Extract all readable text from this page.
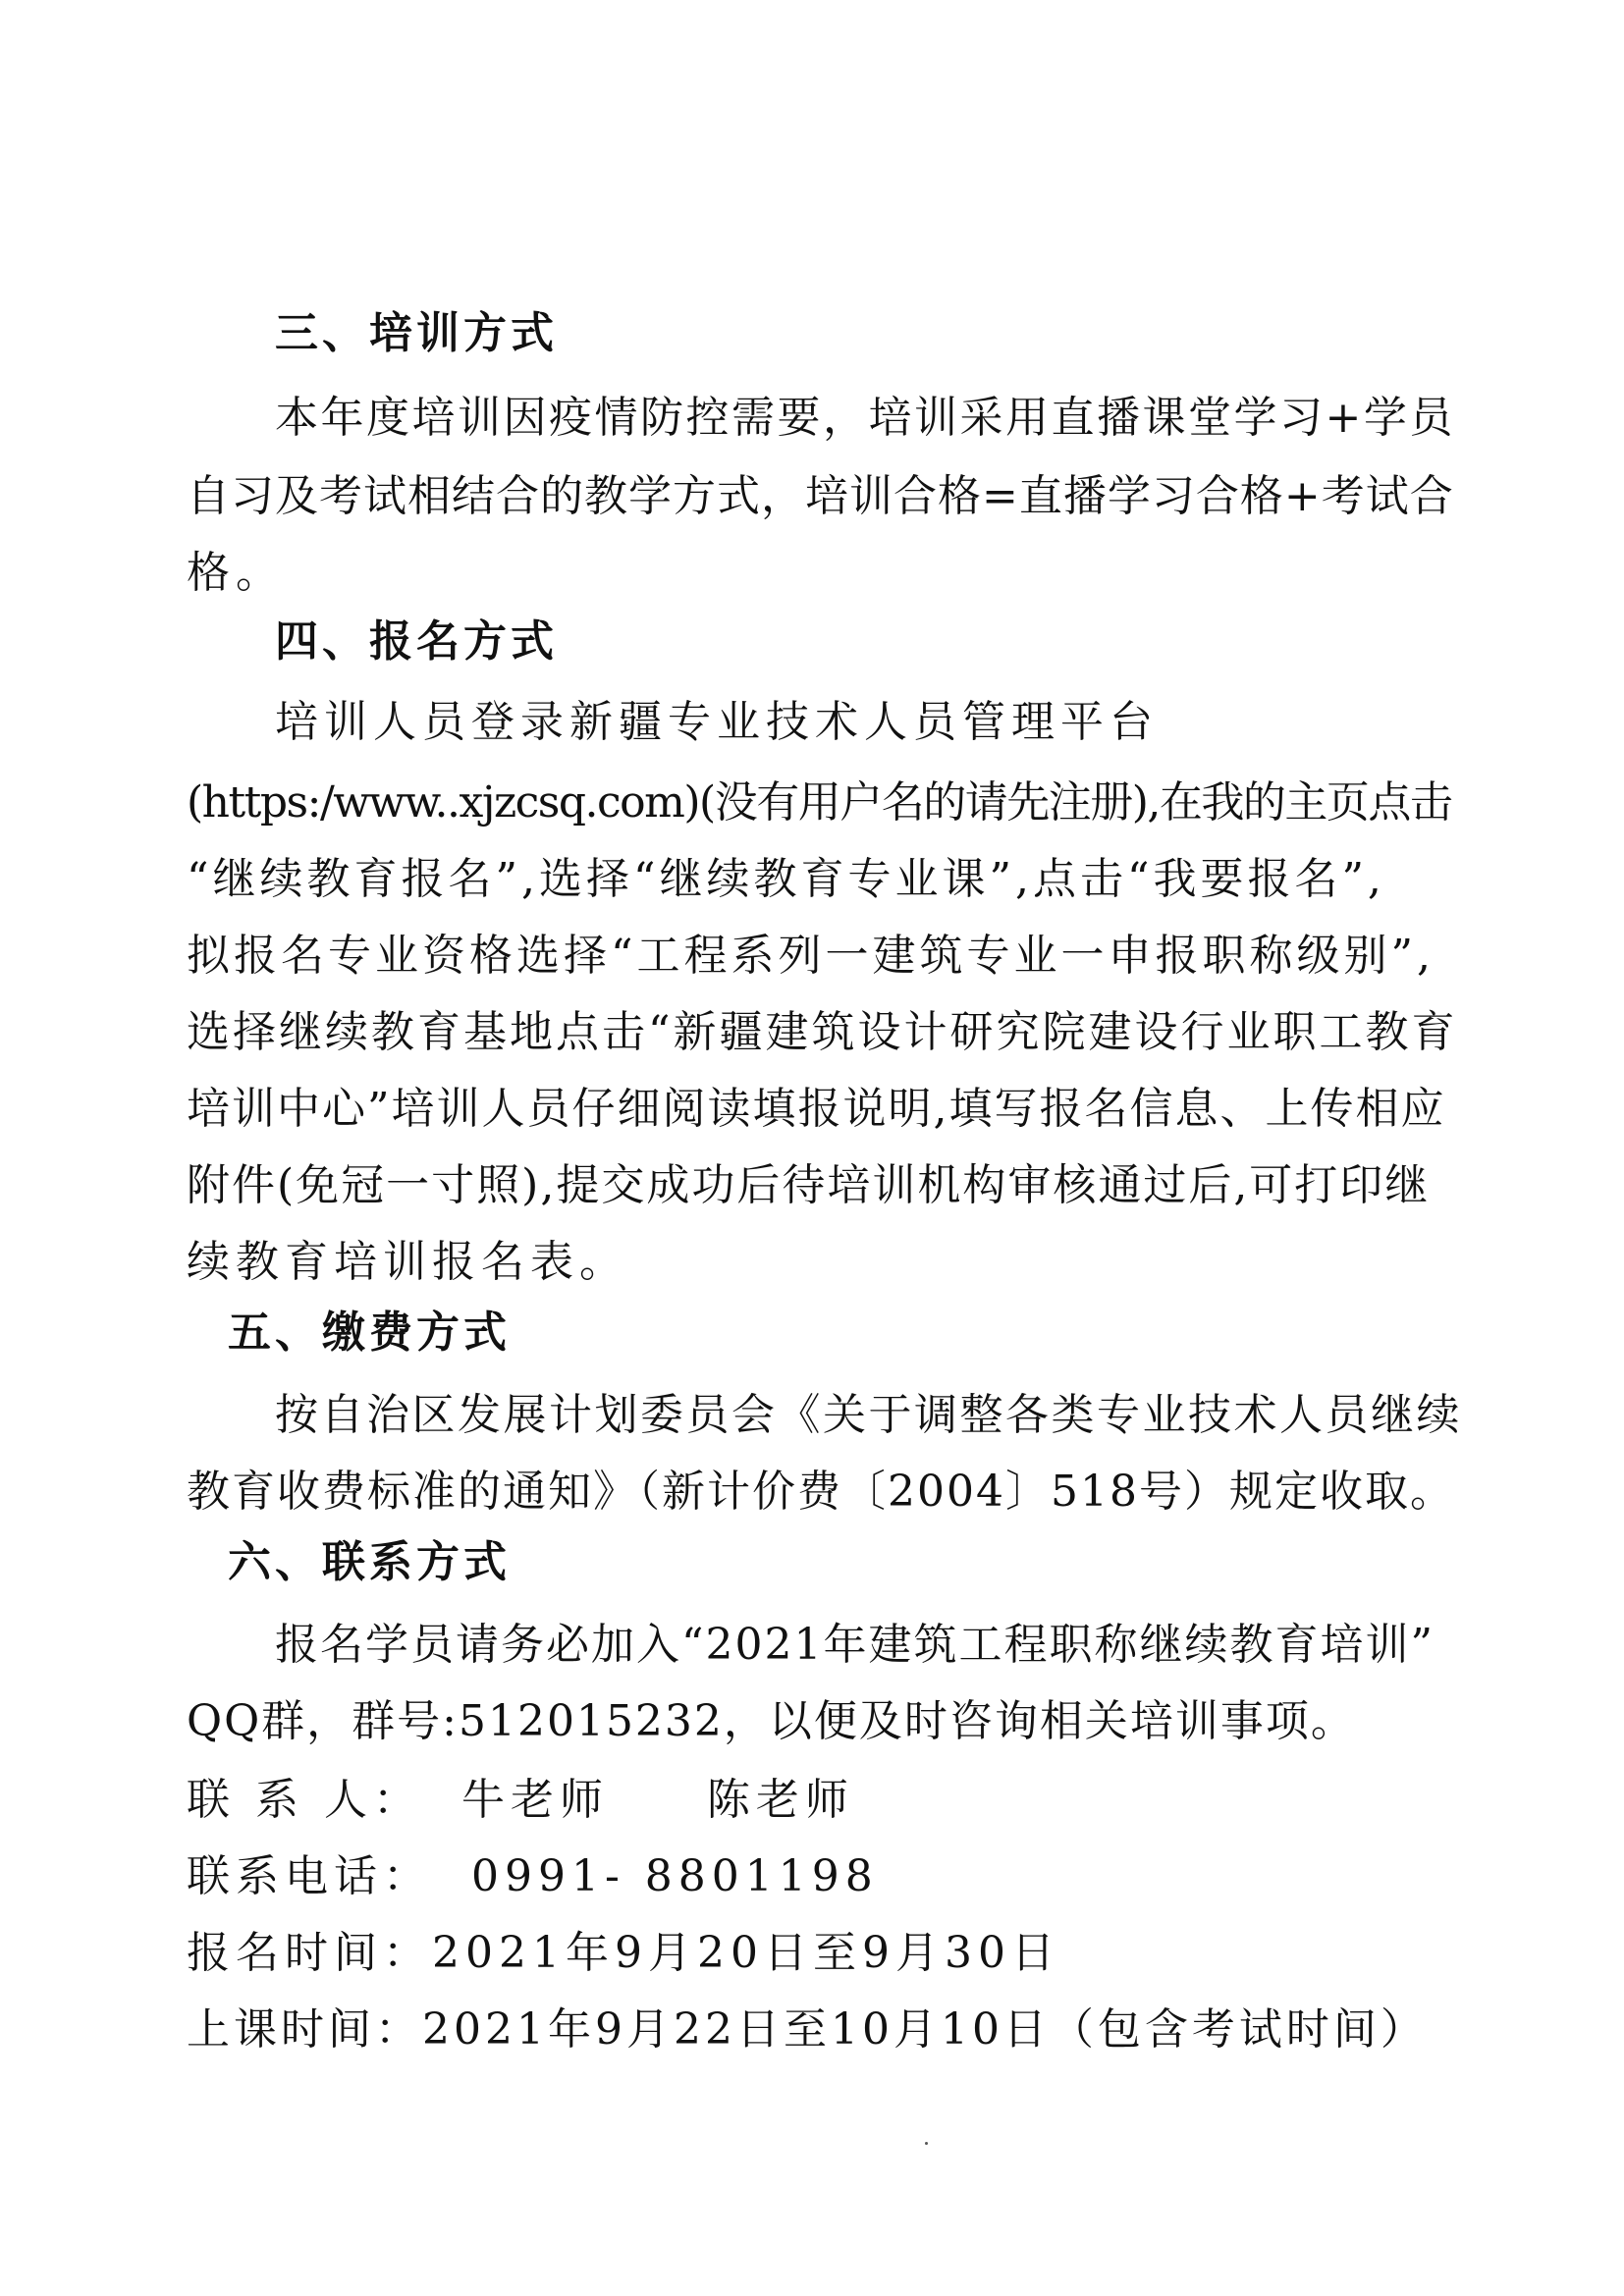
三、培训方式
本年度培训因疫情防控需要，培训采用直播课堂学习+学员
自习及考试相结合的教学方式，培训合格=直播学习合格+考试合
格。
四、报名方式
培训人员登录新疆专业技术人员管理平台
(https:/www..xjzcsq.com)(没有用户名的请先注册),在我的主页点击
“继续教育报名”,选择“继续教育专业课”,点击“我要报名”,
拟报名专业资格选择“工程系列一建筑专业一申报职称级别”,
选择继续教育基地点击“新疆建筑设计研究院建设行业职工教育
培训中心”培训人员仔细阅读填报说明,填写报名信息、上传相应
附件(免冠一寸照),提交成功后待培训机构审核通过后,可打印继
续教育培训报名表。
五、缴费方式
按自治区发展计划委员会《关于调整各类专业技术人员继续
教育收费标准的通知》（新计价费〔2004〕518号）规定收取。
六、联系方式
报名学员请务必加入“2021年建筑工程职称继续教育培训”
QQ群，群号:512015232，以便及时咨询相关培训事项。
联 系 人：  牛老师     陈老师
联系电话：  0991- 8801198
报名时间：2021年9月20日至9月30日
上课时间：2021年9月22日至10月10日（包含考试时间）
